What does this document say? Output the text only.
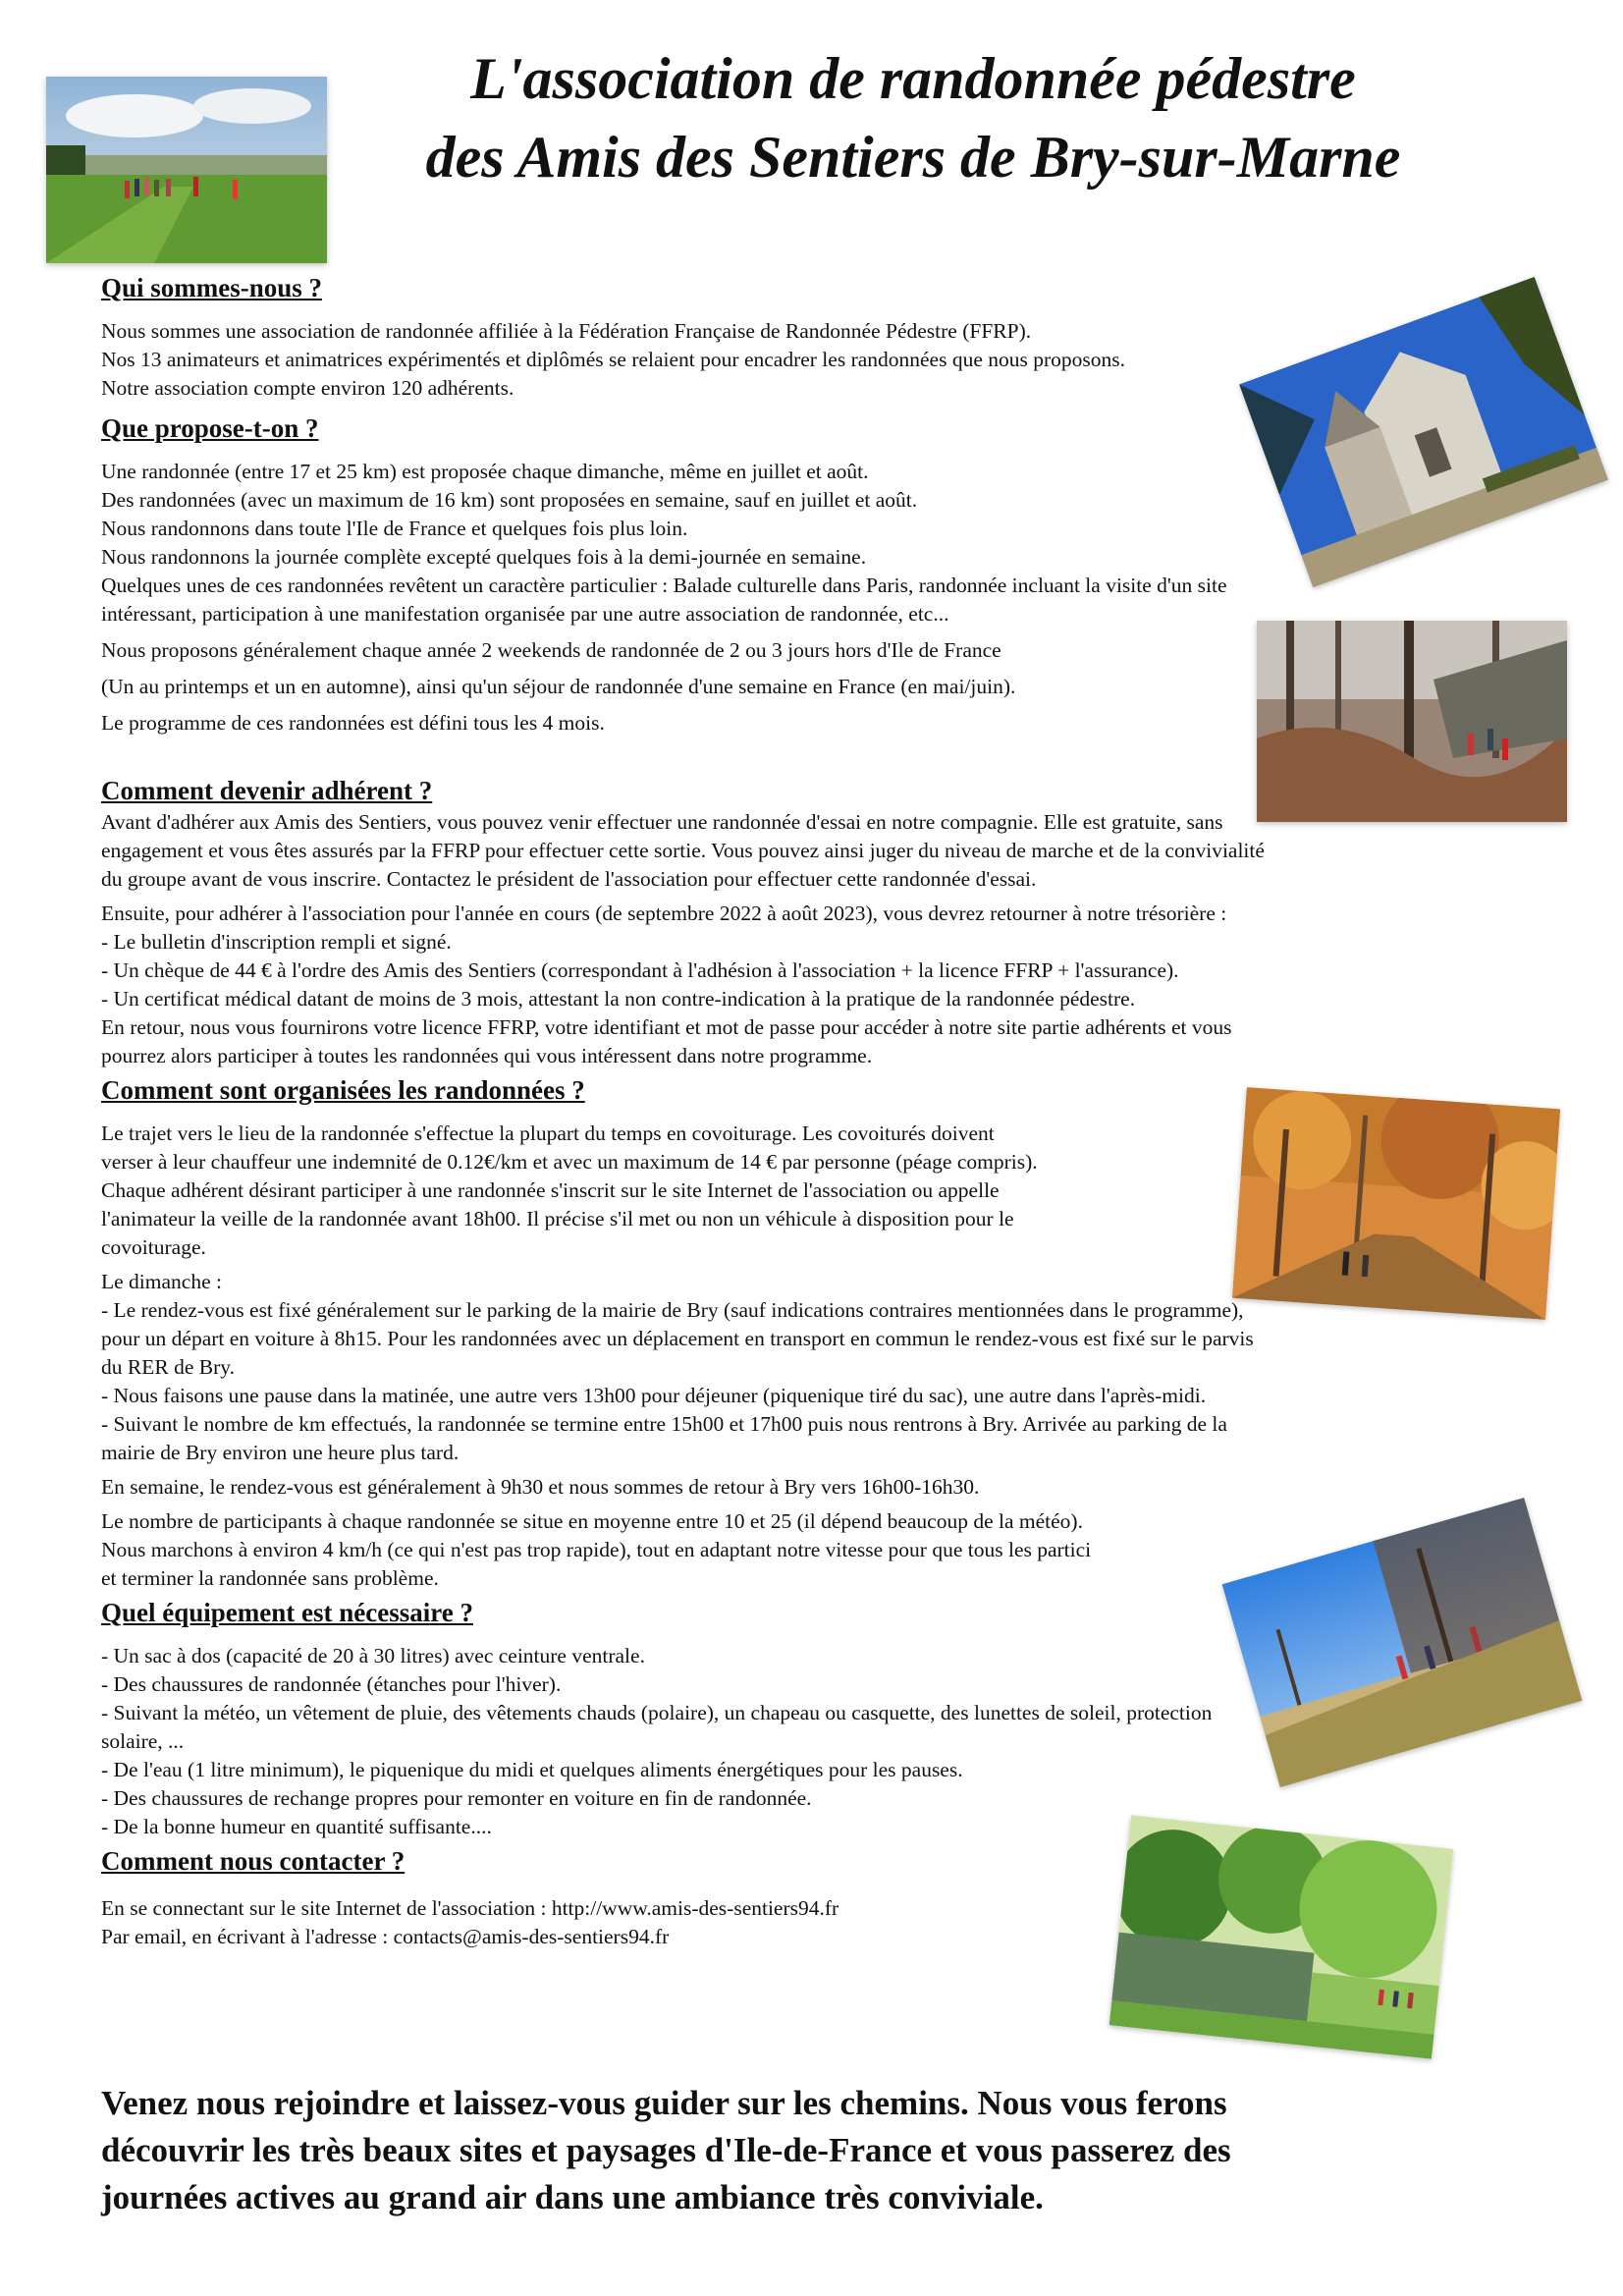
L'association de randonnée pédestre
des Amis des Sentiers de Bry-sur-Marne
Qui sommes-nous ?

Nous sommes une association de randonnée affiliée à la Fédération Française de Randonnée Pédestre (FFRP).
Nos 13 animateurs et animatrices expérimentés et diplômés se relaient pour encadrer les randonnées que nous proposons.
Notre association compte environ 120 adhérents.

Que propose-t-on ?

Une randonnée (entre 17 et 25 km) est proposée chaque dimanche, même en juillet et août.
Des randonnées (avec un maximum de 16 km) sont proposées en semaine, sauf en juillet et août.
Nous randonnons dans toute l'Ile de France et quelques fois plus loin.
Nous randonnons la journée complète excepté quelques fois à la demi-journée en semaine.
Quelques unes de ces randonnées revêtent un caractère particulier : Balade culturelle dans Paris, randonnée incluant la visite d'un site
intéressant, participation à une manifestation organisée par une autre association de randonnée, etc...

Nous proposons généralement chaque année 2 weekends de randonnée de 2 ou 3 jours hors d'Ile de France

(Un au printemps et un en automne), ainsi qu'un séjour de randonnée d'une semaine en France (en mai/juin).

Le programme de ces randonnées est défini tous les 4 mois.

Comment devenir adhérent ?

Avant d'adhérer aux Amis des Sentiers, vous pouvez venir effectuer une randonnée d'essai en notre compagnie. Elle est gratuite, sans
engagement et vous êtes assurés par la FFRP pour effectuer cette sortie. Vous pouvez ainsi juger du niveau de marche et de la convivialité
du groupe avant de vous inscrire. Contactez le président de l'association pour effectuer cette randonnée d'essai.

Ensuite, pour adhérer à l'association pour l'année en cours (de septembre 2022 à août 2023), vous devrez retourner à notre trésorière :
- Le bulletin d'inscription rempli et signé.
- Un chèque de 44 € à l'ordre des Amis des Sentiers (correspondant à l'adhésion à l'association + la licence FFRP + l'assurance).
- Un certificat médical datant de moins de 3 mois, attestant la non contre-indication à la pratique de la randonnée pédestre.
En retour, nous vous fournirons votre licence FFRP, votre identifiant et mot de passe pour accéder à notre site partie adhérents et vous
pourrez alors participer à toutes les randonnées qui vous intéressent dans notre programme.

Comment sont organisées les randonnées ?

Le trajet vers le lieu de la randonnée s'effectue la plupart du temps en covoiturage. Les covoiturés doivent
verser à leur chauffeur une indemnité de 0.12€/km et avec un maximum de 14 € par personne (péage compris).
Chaque adhérent désirant participer à une randonnée s'inscrit sur le site Internet de l'association ou appelle
l'animateur la veille de la randonnée avant 18h00. Il précise s'il met ou non un véhicule à disposition pour le
covoiturage.

Le dimanche :
- Le rendez-vous est fixé généralement sur le parking de la mairie de Bry (sauf indications contraires mentionnées dans le programme),
pour un départ en voiture à 8h15. Pour les randonnées avec un déplacement en transport en commun le rendez-vous est fixé sur le parvis
du RER de Bry.
- Nous faisons une pause dans la matinée, une autre vers 13h00 pour déjeuner (piquenique tiré du sac), une autre dans l'après-midi.
- Suivant le nombre de km effectués, la randonnée se termine entre 15h00 et 17h00 puis nous rentrons à Bry. Arrivée au parking de la
mairie de Bry environ une heure plus tard.

En semaine, le rendez-vous est généralement à 9h30 et nous sommes de retour à Bry vers 16h00-16h30.

Le nombre de participants à chaque randonnée se situe en moyenne entre 10 et 25 (il dépend beaucoup de la météo).
Nous marchons à environ 4 km/h (ce qui n'est pas trop rapide), tout en adaptant notre vitesse pour que tous les partici
et terminer la randonnée sans problème.

Quel équipement est nécessaire ?

- Un sac à dos (capacité de 20 à 30 litres) avec ceinture ventrale.
- Des chaussures de randonnée (étanches pour l'hiver).
- Suivant la météo, un vêtement de pluie, des vêtements chauds (polaire), un chapeau ou casquette, des lunettes de soleil, protection
solaire, ...
- De l'eau (1 litre minimum), le piquenique du midi et quelques aliments énergétiques pour les pauses.
- Des chaussures de rechange propres pour remonter en voiture en fin de randonnée.
- De la bonne humeur en quantité suffisante....

Comment nous contacter ?

En se connectant sur le site Internet de l'association : http://www.amis-des-sentiers94.fr
Par email, en écrivant à l'adresse : contacts@amis-des-sentiers94.fr

Venez nous rejoindre et laissez-vous guider sur les chemins. Nous vous ferons
découvrir les très beaux sites et paysages d'Ile-de-France et vous passerez des
journées actives au grand air dans une ambiance très conviviale.
